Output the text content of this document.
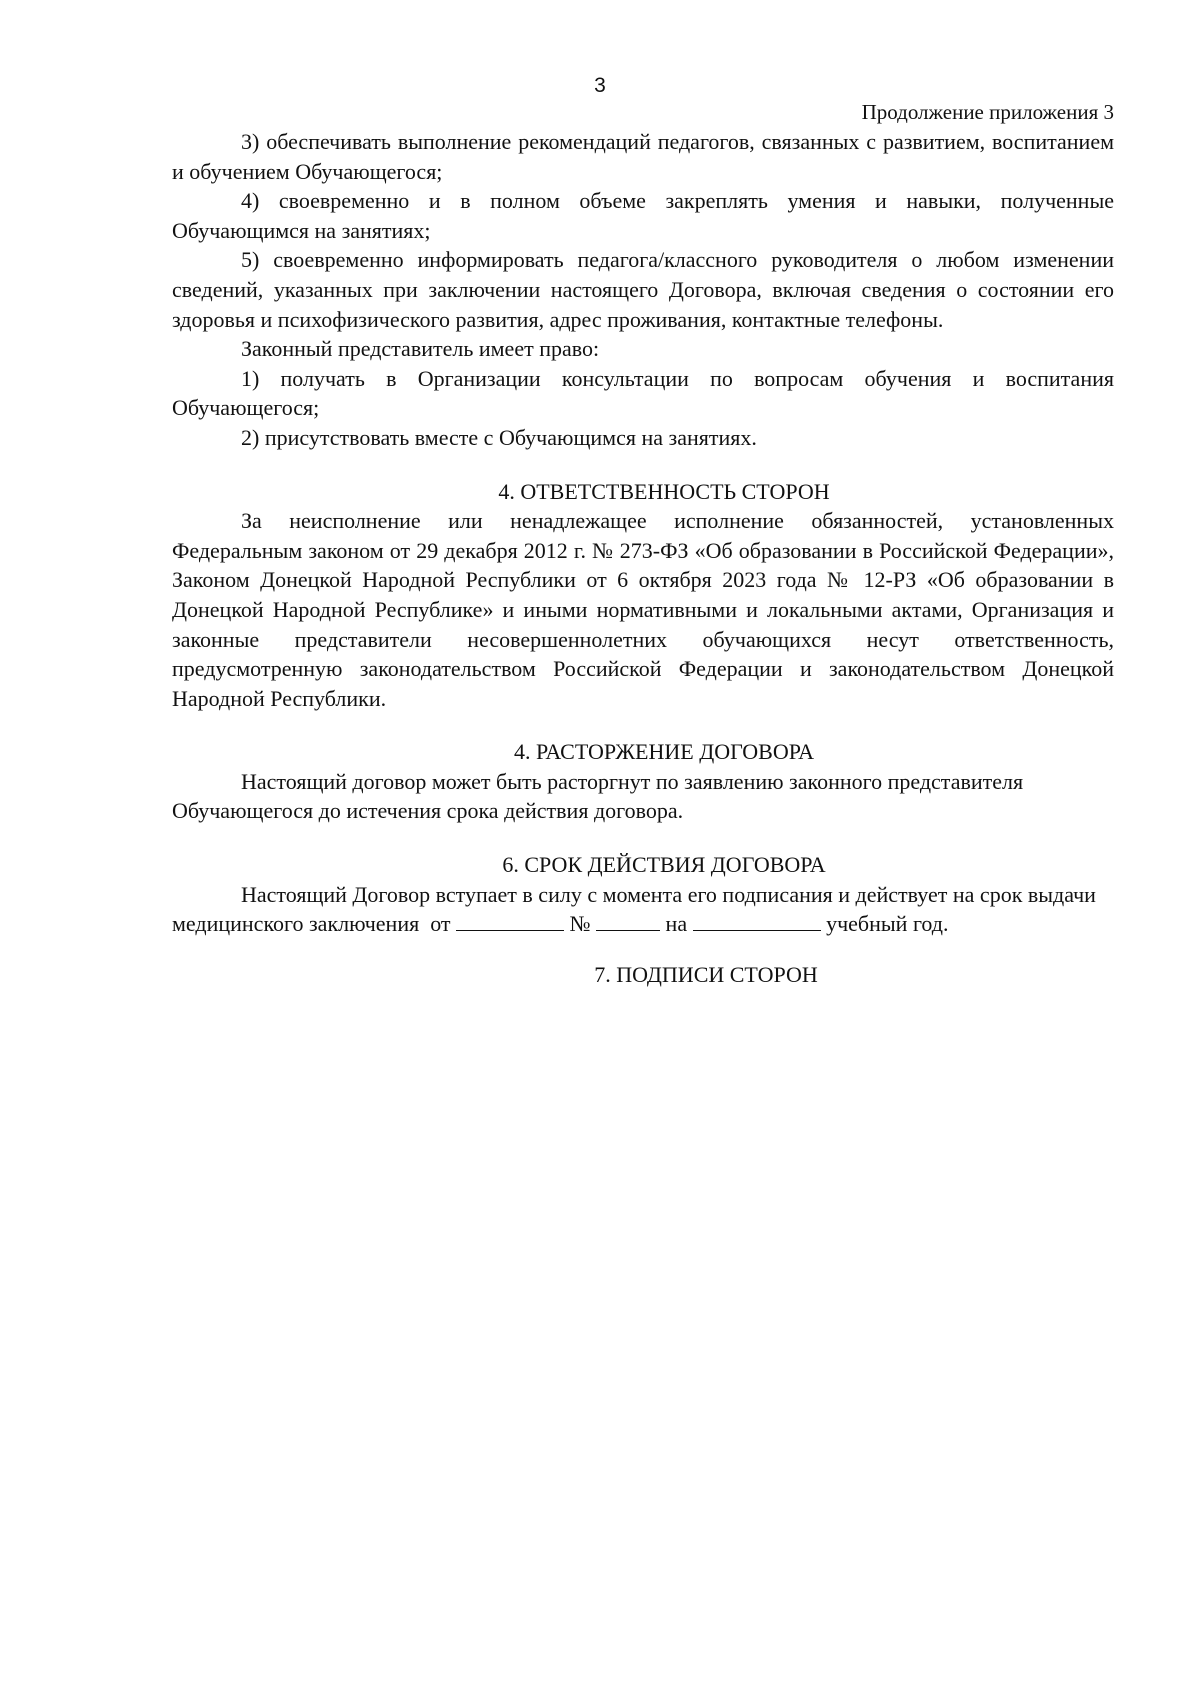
3
Продолжение приложения 3

3) обеспечивать выполнение рекомендаций педагогов, связанных с развитием, воспитанием и обучением Обучающегося;

4) своевременно и в полном объеме закреплять умения и навыки, полученные Обучающимся на занятиях;

5) своевременно информировать педагога/классного руководителя о любом изменении сведений, указанных при заключении настоящего Договора, включая сведения о состоянии его здоровья и психофизического развития, адрес проживания, контактные телефоны.

Законный представитель имеет право:

1) получать в Организации консультации по вопросам обучения и воспитания Обучающегося;

2) присутствовать вместе с Обучающимся на занятиях.

4. ОТВЕТСТВЕННОСТЬ СТОРОН

За неисполнение или ненадлежащее исполнение обязанностей, установленных Федеральным законом от 29 декабря 2012 г. № 273-ФЗ «Об образовании в Российской Федерации», Законом Донецкой Народной Республики от 6 октября 2023 года № 12-РЗ «Об образовании в Донецкой Народной Республике» и иными нормативными и локальными актами, Организация и законные представители несовершеннолетних обучающихся несут ответственность, предусмотренную законодательством Российской Федерации и законодательством Донецкой Народной Республики.

4. РАСТОРЖЕНИЕ ДОГОВОРА

Настоящий договор может быть расторгнут по заявлению законного представителя Обучающегося до истечения срока действия договора.

6. СРОК ДЕЙСТВИЯ ДОГОВОРА

Настоящий Договор вступает в силу с момента его подписания и действует на срок выдачи медицинского заключения от	№	на	учебный год.

7. ПОДПИСИ СТОРОН
